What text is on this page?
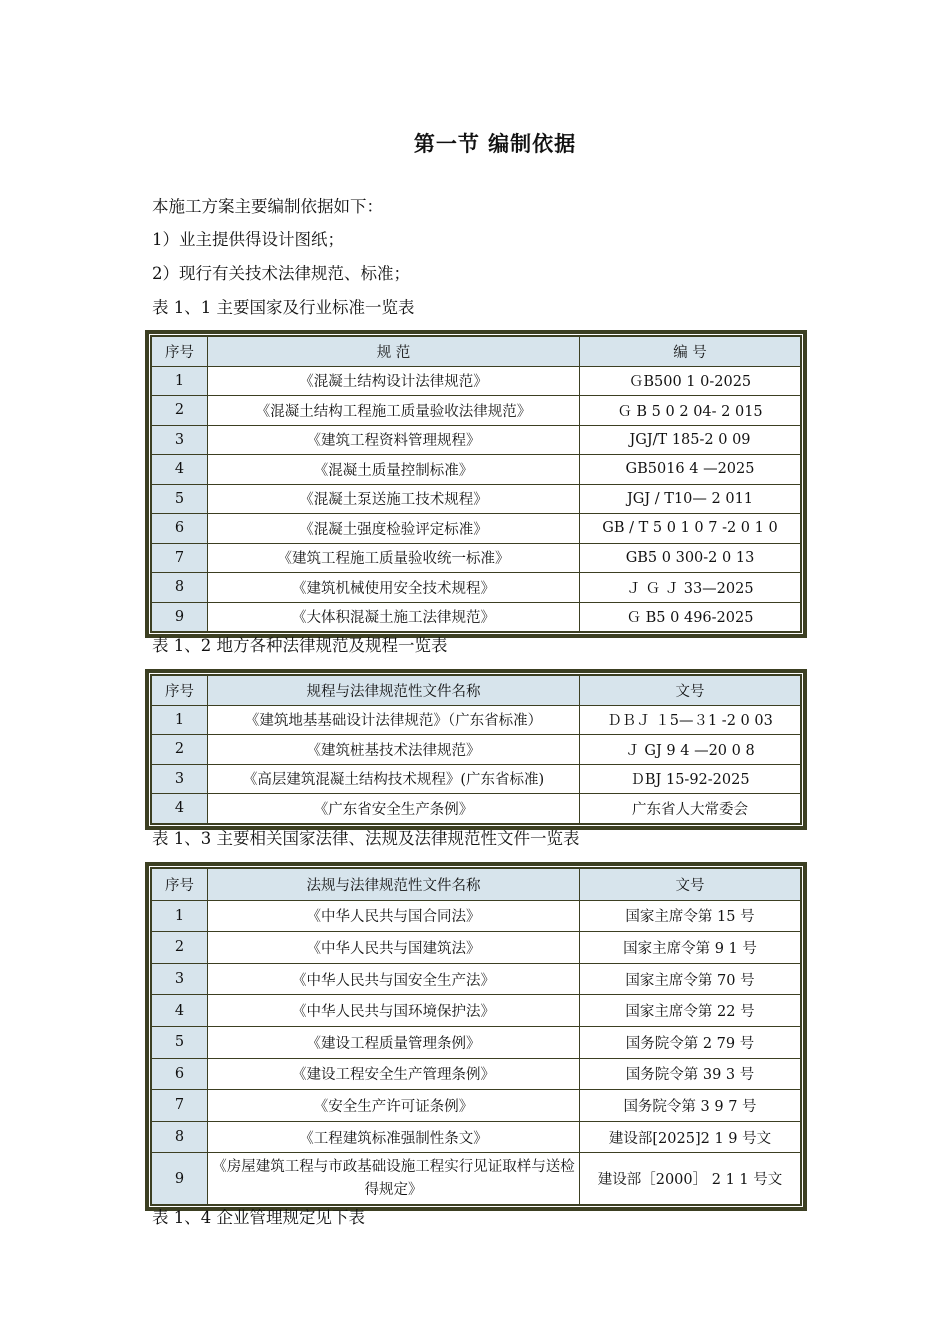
第一节 编制依据
本施工方案主要编制依据如下：
1）业主提供得设计图纸；
2）现行有关技术法律规范、标准；
表 1、1 主要国家及行业标准一览表
序号	规 范	编 号
1	《混凝土结构设计法律规范》	ＧB500 1 0-2025
2	《混凝土结构工程施工质量验收法律规范》	Ｇ B 5 0 2 04- 2 015
3	《建筑工程资料管理规程》	JGJ/T 185-2 0 09
4	《混凝土质量控制标准》	GB5016 4 —2025
5	《混凝土泵送施工技术规程》	JGJ / T10— 2 011
6	《混凝土强度检验评定标准》	GB / T 5 0 1 0 7 -2 0 1 0
7	《建筑工程施工质量验收统一标准》	GB5 0 300-2 0 13
8	《建筑机械使用安全技术规程》	Ｊ Ｇ Ｊ 33—2025
9	《大体积混凝土施工法律规范》	Ｇ B5 0 496-2025
表 1、2 地方各种法律规范及规程一览表
序号	规程与法律规范性文件名称	文号
1	《建筑地基基础设计法律规范》（广东省标准）	ＤＢＪ １5—３1 -2 0 03
2	《建筑桩基技术法律规范》	Ｊ GJ 9 4 —20 0 8
3	《高层建筑混凝土结构技术规程》(广东省标准)	ＤBJ 15-92-2025
4	《广东省安全生产条例》	广东省人大常委会
表 1、3 主要相关国家法律、法规及法律规范性文件一览表
序号	法规与法律规范性文件名称	文号
1	《中华人民共与国合同法》	国家主席令第 15 号
2	《中华人民共与国建筑法》	国家主席令第 9 1 号
3	《中华人民共与国安全生产法》	国家主席令第 70 号
4	《中华人民共与国环境保护法》	国家主席令第 22 号
5	《建设工程质量管理条例》	国务院令第 2 79 号
6	《建设工程安全生产管理条例》	国务院令第 39 3 号
7	《安全生产许可证条例》	国务院令第 3 9 7 号
8	《工程建筑标准强制性条文》	建设部[2025]2 1 9 号文
9	《房屋建筑工程与市政基础设施工程实行见证取样与送检得规定》	建设部［2000］ 2 1 1 号文
表 1、4 企业管理规定见下表
